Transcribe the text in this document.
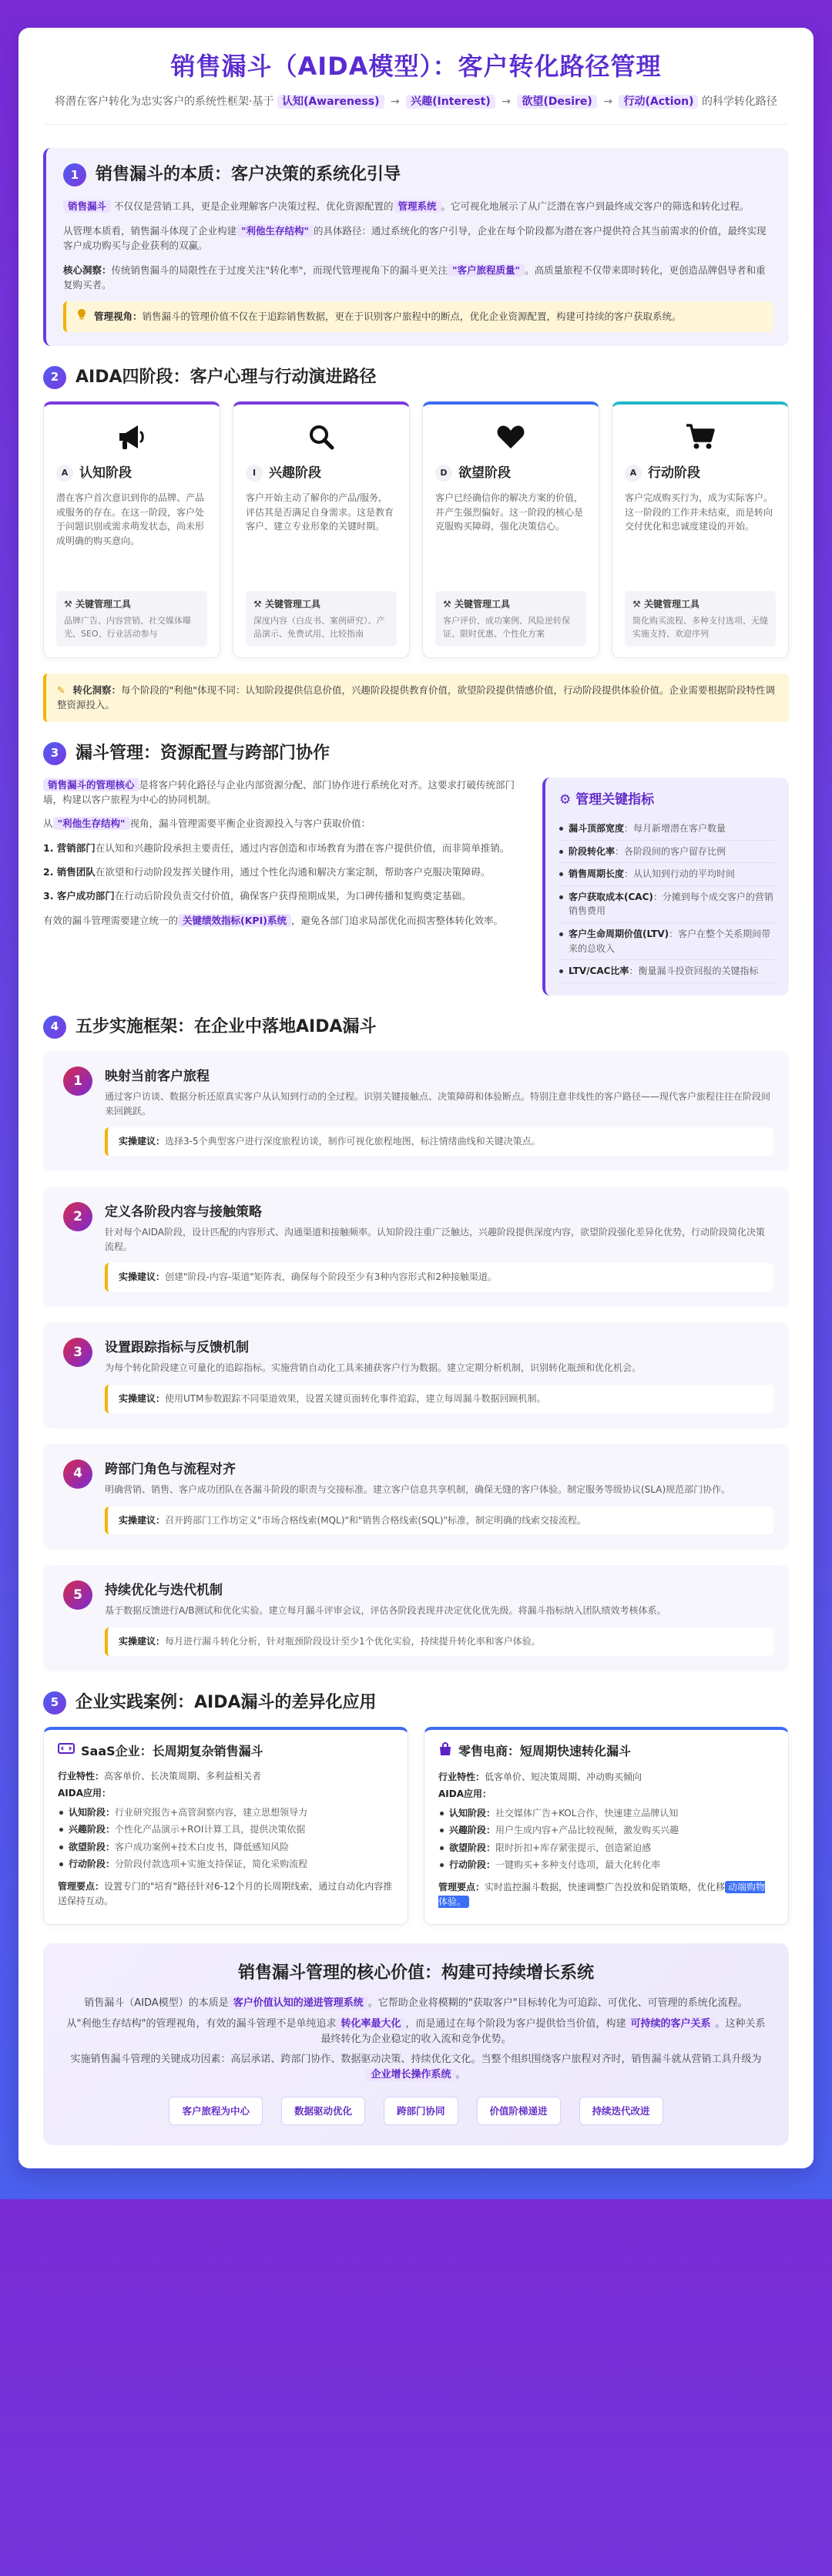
销售漏斗（AIDA模型）：客户转化路径管理
将潜在客户转化为忠实客户的系统性框架·基于 认知(Awareness) → 兴趣(Interest) → 欲望(Desire) → 行动(Action) 的科学转化路径
1 销售漏斗的本质：客户决策的系统化引导

销售漏斗 不仅仅是营销工具，更是企业理解客户决策过程、优化资源配置的 管理系统 。它可视化地展示了从广泛潜在客户到最终成交客户的筛选和转化过程。

从管理本质看，销售漏斗体现了企业构建 "利他生存结构" 的具体路径：通过系统化的客户引导，企业在每个阶段都为潜在客户提供符合其当前需求的价值，最终实现客户成功购买与企业获利的双赢。

核心洞察：传统销售漏斗的局限性在于过度关注"转化率"，而现代管理视角下的漏斗更关注 "客户旅程质量" 。高质量旅程不仅带来即时转化，更创造品牌倡导者和重复购买者。

管理视角：销售漏斗的管理价值不仅在于追踪销售数据，更在于识别客户旅程中的断点，优化企业资源配置，构建可持续的客户获取系统。
2 AIDA四阶段：客户心理与行动演进路径
A 认知阶段
潜在客户首次意识到你的品牌、产品或服务的存在。在这一阶段，客户处于问题识别或需求萌发状态，尚未形成明确的购买意向。
⚒ 关键管理工具
品牌广告、内容营销、社交媒体曝光、SEO、行业活动参与
I 兴趣阶段
客户开始主动了解你的产品/服务，评估其是否满足自身需求。这是教育客户、建立专业形象的关键时期。
⚒ 关键管理工具
深度内容（白皮书、案例研究）、产品演示、免费试用、比较指南
D 欲望阶段
客户已经确信你的解决方案的价值，并产生强烈偏好。这一阶段的核心是克服购买障碍，强化决策信心。
⚒ 关键管理工具
客户评价、成功案例、风险逆转保证、限时优惠、个性化方案
A 行动阶段
客户完成购买行为，成为实际客户。这一阶段的工作并未结束，而是转向交付优化和忠诚度建设的开始。
⚒ 关键管理工具
简化购买流程、多种支付选项、无缝实施支持、欢迎序列
✎ 转化洞察：每个阶段的"利他"体现不同：认知阶段提供信息价值，兴趣阶段提供教育价值，欲望阶段提供情感价值，行动阶段提供体验价值。企业需要根据阶段特性调整资源投入。
3 漏斗管理：资源配置与跨部门协作

销售漏斗的管理核心 是将客户转化路径与企业内部资源分配、部门协作进行系统化对齐。这要求打破传统部门墙，构建以客户旅程为中心的协同机制。

从 "利他生存结构" 视角，漏斗管理需要平衡企业资源投入与客户获取价值：

1. 营销部门在认知和兴趣阶段承担主要责任，通过内容创造和市场教育为潜在客户提供价值，而非简单推销。

2. 销售团队在欲望和行动阶段发挥关键作用，通过个性化沟通和解决方案定制，帮助客户克服决策障碍。

3. 客户成功部门在行动后阶段负责交付价值，确保客户获得预期成果，为口碑传播和复购奠定基础。

有效的漏斗管理需要建立统一的 关键绩效指标(KPI)系统 ，避免各部门追求局部优化而损害整体转化效率。

⚙ 管理关键指标
漏斗顶部宽度：每月新增潜在客户数量
阶段转化率：各阶段间的客户留存比例
销售周期长度：从认知到行动的平均时间
客户获取成本(CAC)：分摊到每个成交客户的营销销售费用
客户生命周期价值(LTV)：客户在整个关系期间带来的总收入
LTV/CAC比率：衡量漏斗投资回报的关键指标
4 五步实施框架：在企业中落地AIDA漏斗
1	映射当前客户旅程
通过客户访谈、数据分析还原真实客户从认知到行动的全过程。识别关键接触点、决策障碍和体验断点。特别注意非线性的客户路径——现代客户旅程往往在阶段间来回跳跃。
实操建议：选择3-5个典型客户进行深度旅程访谈，制作可视化旅程地图，标注情绪曲线和关键决策点。
2	定义各阶段内容与接触策略
针对每个AIDA阶段，设计匹配的内容形式、沟通渠道和接触频率。认知阶段注重广泛触达，兴趣阶段提供深度内容，欲望阶段强化差异化优势，行动阶段简化决策流程。
实操建议：创建"阶段-内容-渠道"矩阵表，确保每个阶段至少有3种内容形式和2种接触渠道。
3	设置跟踪指标与反馈机制
为每个转化阶段建立可量化的追踪指标。实施营销自动化工具来捕获客户行为数据。建立定期分析机制，识别转化瓶颈和优化机会。
实操建议：使用UTM参数跟踪不同渠道效果，设置关键页面转化事件追踪，建立每周漏斗数据回顾机制。
4	跨部门角色与流程对齐
明确营销、销售、客户成功团队在各漏斗阶段的职责与交接标准。建立客户信息共享机制，确保无缝的客户体验。制定服务等级协议(SLA)规范部门协作。
实操建议：召开跨部门工作坊定义"市场合格线索(MQL)"和"销售合格线索(SQL)"标准，制定明确的线索交接流程。
5	持续优化与迭代机制
基于数据反馈进行A/B测试和优化实验。建立每月漏斗评审会议，评估各阶段表现并决定优化优先级。将漏斗指标纳入团队绩效考核体系。
实操建议：每月进行漏斗转化分析，针对瓶颈阶段设计至少1个优化实验，持续提升转化率和客户体验。
5 企业实践案例：AIDA漏斗的差异化应用
SaaS企业：长周期复杂销售漏斗

行业特性：高客单价、长决策周期、多利益相关者

AIDA应用：

认知阶段：行业研究报告+高管洞察内容，建立思想领导力
兴趣阶段：个性化产品演示+ROI计算工具，提供决策依据
欲望阶段：客户成功案例+技术白皮书，降低感知风险
行动阶段：分阶段付款选项+实施支持保证，简化采购流程

管理要点：设置专门的"培育"路径针对6-12个月的长周期线索，通过自动化内容推送保持互动。

零售电商：短周期快速转化漏斗

行业特性：低客单价、短决策周期、冲动购买倾向

AIDA应用：

认知阶段：社交媒体广告+KOL合作，快速建立品牌认知
兴趣阶段：用户生成内容+产品比较视频，激发购买兴趣
欲望阶段：限时折扣+库存紧张提示，创造紧迫感
行动阶段：一键购买+多种支付选项，最大化转化率

管理要点：实时监控漏斗数据，快速调整广告投放和促销策略，优化移 动端购物体验。

销售漏斗管理的核心价值：构建可持续增长系统

销售漏斗（AIDA模型）的本质是 客户价值认知的递进管理系统 。它帮助企业将模糊的"获取客户"目标转化为可追踪、可优化、可管理的系统化流程。

从"利他生存结构"的管理视角，有效的漏斗管理不是单纯追求 转化率最大化 ，而是通过在每个阶段为客户提供恰当价值，构建 可持续的客户关系 。这种关系最终转化为企业稳定的收入流和竞争优势。

实施销售漏斗管理的关键成功因素：高层承诺、跨部门协作、数据驱动决策、持续优化文化。当整个组织围绕客户旅程对齐时，销售漏斗就从营销工具升级为企业增长操作系统 。

客户旅程为中心	数据驱动优化	跨部门协同	价值阶梯递进	持续迭代改进
